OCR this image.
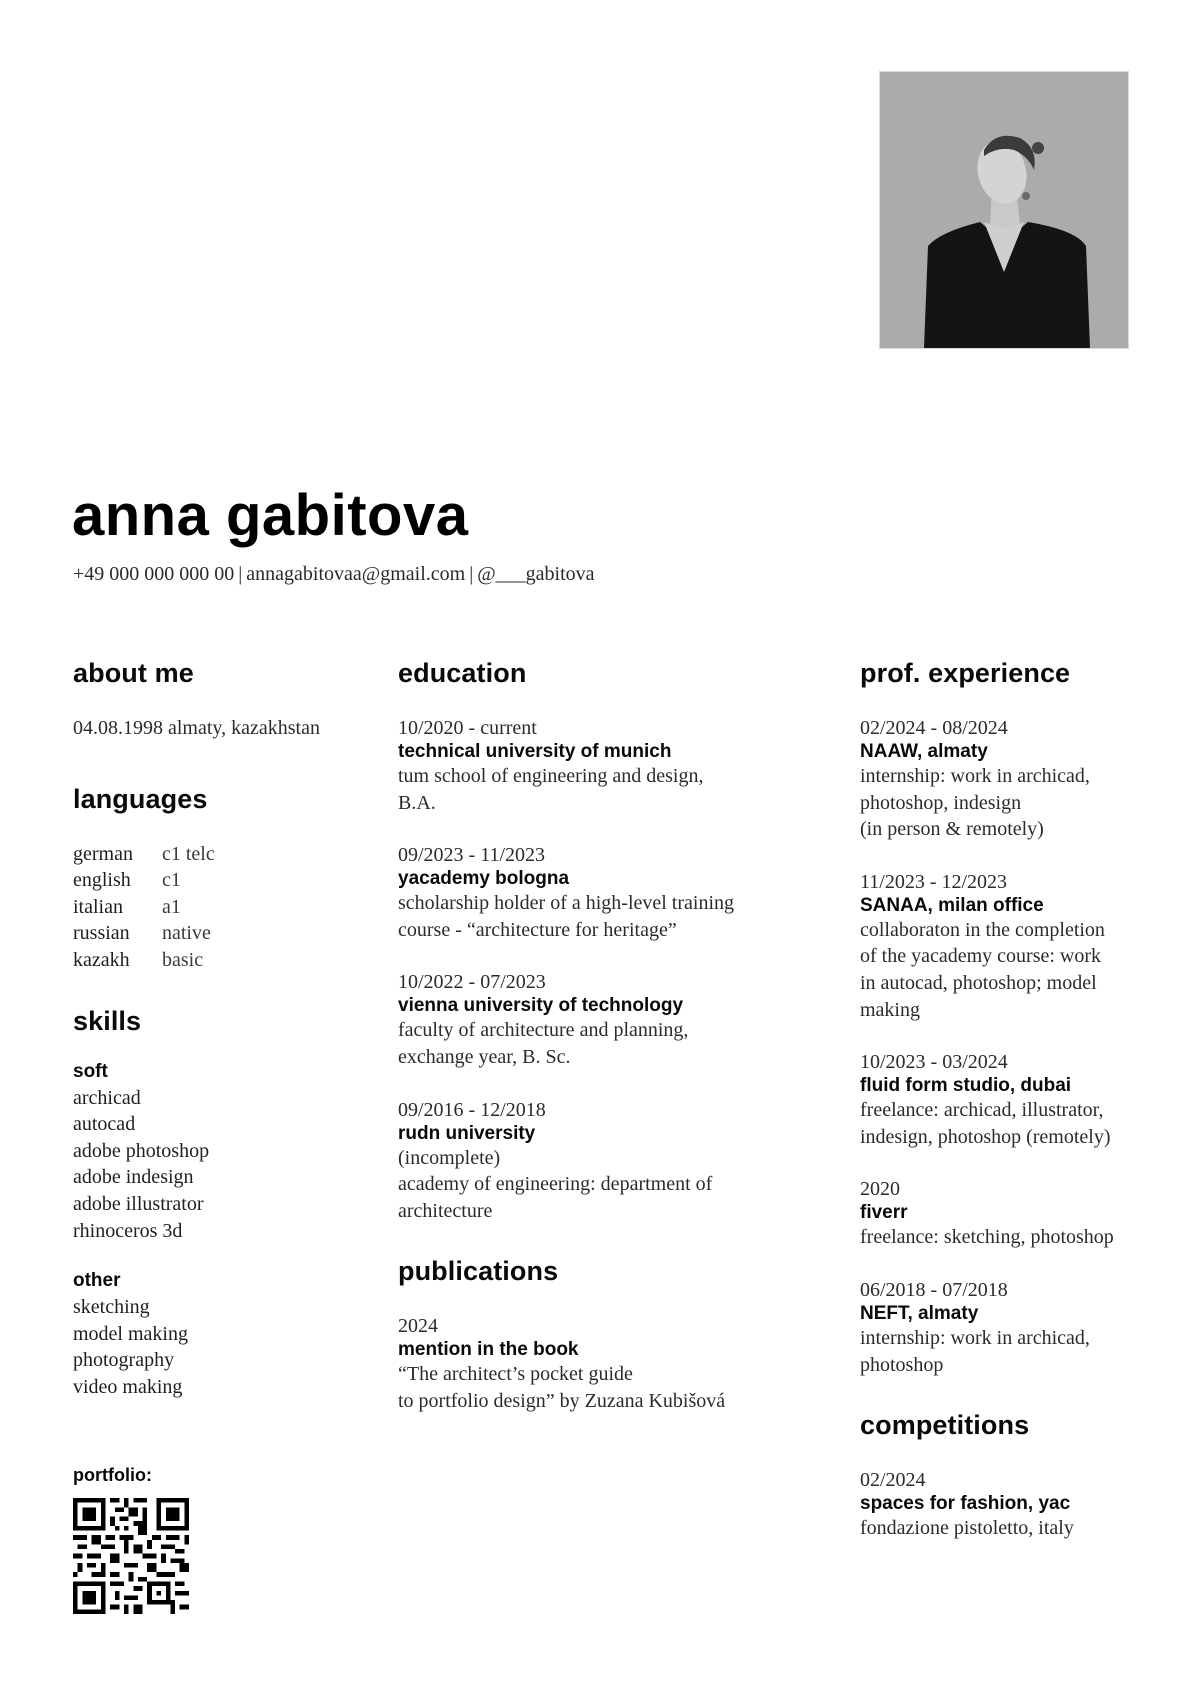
anna gabitova
+49 000 000 000 00 | annagabitovaa@gmail.com | @___gabitova
about me
04.08.1998 almaty, kazakhstan
languages
german	c1 telc
english	c1
italian	a1
russian	native
kazakh	basic
skills
soft
archicad
autocad
adobe photoshop
adobe indesign
adobe illustrator
rhinoceros 3d
other
sketching
model making
photography
video making
portfolio:
education
10/2020 - current
technical university of munich
tum school of engineering and design,
B.A.
09/2023 - 11/2023
yacademy bologna
scholarship holder of a high-level training
course - “architecture for heritage”
10/2022 - 07/2023
vienna university of technology
faculty of architecture and planning,
exchange year, B. Sc.
09/2016 - 12/2018
rudn university
(incomplete)
academy of engineering: department of
architecture
publications
2024
mention in the book
“The architect’s pocket guide
to portfolio design” by Zuzana Kubišová
prof. experience
02/2024 - 08/2024
NAAW, almaty
internship: work in archicad,
photoshop, indesign
(in person & remotely)
11/2023 - 12/2023
SANAA, milan office
collaboraton in the completion
of the yacademy course: work
in autocad, photoshop; model
making
10/2023 - 03/2024
fluid form studio, dubai
freelance: archicad, illustrator,
indesign, photoshop (remotely)
2020
fiverr
freelance: sketching, photoshop
06/2018 - 07/2018
NEFT, almaty
internship: work in archicad,
photoshop
competitions
02/2024
spaces for fashion, yac
fondazione pistoletto, italy
